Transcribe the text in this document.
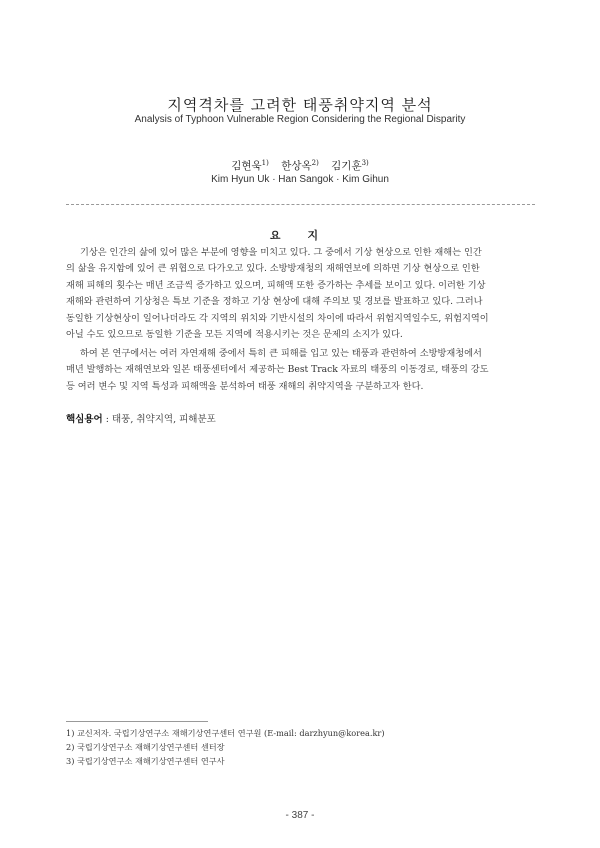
지역격차를 고려한 태풍취약지역 분석
Analysis of Typhoon Vulnerable Region Considering the Regional Disparity
김현욱$^{1)}$ 한상옥$^{2)}$ 김기훈$^{3)}$
Kim Hyun Uk · Han Sangok · Kim Gihun
요 지
기상은 인간의 삶에 있어 많은 부분에 영향을 미치고 있다. 그 중에서 기상 현상으로 인한 재해는 인간
의 삶을 유지함에 있어 큰 위협으로 다가오고 있다. 소방방재청의 재해연보에 의하면 기상 현상으로 인한
재해 피해의 횟수는 매년 조금씩 증가하고 있으며, 피해액 또한 증가하는 추세를 보이고 있다. 이러한 기상
재해와 관련하여 기상청은 특보 기준을 정하고 기상 현상에 대해 주의보 및 경보를 발표하고 있다. 그러나
동일한 기상현상이 일어나더라도 각 지역의 위치와 기반시설의 차이에 따라서 위험지역일수도, 위험지역이
아닐 수도 있으므로 동일한 기준을 모든 지역에 적용시키는 것은 문제의 소지가 있다.
하여 본 연구에서는 여러 자연재해 중에서 특히 큰 피해를 입고 있는 태풍과 관련하여 소방방재청에서
매년 발행하는 재해연보와 일본 태풍센터에서 제공하는 Best Track 자료의 태풍의 이동경로, 태풍의 강도
등 여러 변수 및 지역 특성과 피해액을 분석하여 태풍 재해의 취약지역을 구분하고자 한다.
핵심용어 : 태풍, 취약지역, 피해분포
1) 교신저자. 국립기상연구소 재해기상연구센터 연구원 (E-mail: darzhyun@korea.kr)
2) 국립기상연구소 재해기상연구센터 센터장
3) 국립기상연구소 재해기상연구센터 연구사
- 387 -
